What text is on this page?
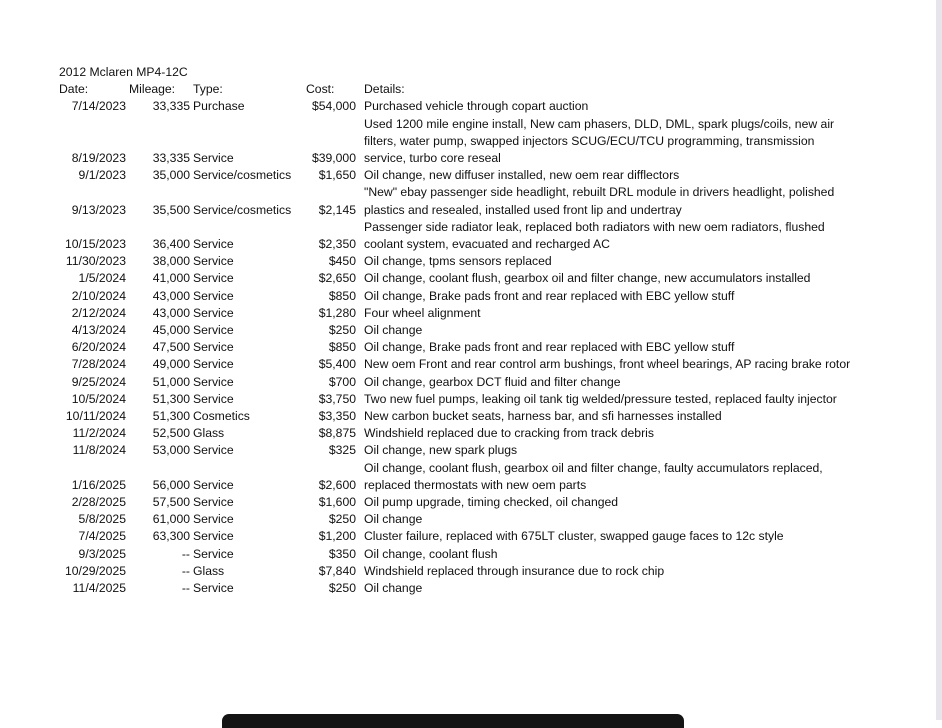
2012 Mclaren MP4-12C
Date:	Mileage: Type:	Cost: Details:
7/14/2023 33,335 Purchase	$54,000 Purchased vehicle through copart auction
8/19/2023 33,335 Service	$39,000
Used 1200 mile engine install, New cam phasers, DLD, DML, spark plugs/coils, new air
filters, water pump, swapped injectors SCUG/ECU/TCU programming, transmission
service, turbo core reseal
9/1/2023 35,000 Service/cosmetics $1,650 Oil change, new diffuser installed, new oem rear difflectors
9/13/2023 35,500 Service/cosmetics $2,145
"New" ebay passenger side headlight, rebuilt DRL module in drivers headlight, polished
plastics and resealed, installed used front lip and undertray
10/15/2023 36,400 Service	$2,350
Passenger side radiator leak, replaced both radiators with new oem radiators, flushed
coolant system, evacuated and recharged AC
11/30/2023 38,000 Service	$450 Oil change, tpms sensors replaced
1/5/2024 41,000 Service	$2,650 Oil change, coolant flush, gearbox oil and filter change, new accumulators installed
2/10/2024 43,000 Service	$850 Oil change, Brake pads front and rear replaced with EBC yellow stuff
2/12/2024 43,000 Service	$1,280 Four wheel alignment
4/13/2024 45,000 Service	$250 Oil change
6/20/2024 47,500 Service	$850 Oil change, Brake pads front and rear replaced with EBC yellow stuff
7/28/2024 49,000 Service	$5,400 New oem Front and rear control arm bushings, front wheel bearings, AP racing brake rotor
9/25/2024 51,000 Service	$700 Oil change, gearbox DCT fluid and filter change
10/5/2024 51,300 Service	$3,750 Two new fuel pumps, leaking oil tank tig welded/pressure tested, replaced faulty injector
10/11/2024 51,300 Cosmetics	$3,350 New carbon bucket seats, harness bar, and sfi harnesses installed
11/2/2024 52,500 Glass	$8,875 Windshield replaced due to cracking from track debris
11/8/2024 53,000 Service	$325 Oil change, new spark plugs
1/16/2025 56,000 Service	$2,600
Oil change, coolant flush, gearbox oil and filter change, faulty accumulators replaced,
replaced thermostats with new oem parts
2/28/2025 57,500 Service	$1,600 Oil pump upgrade, timing checked, oil changed
5/8/2025 61,000 Service	$250 Oil change
7/4/2025 63,300 Service	$1,200 Cluster failure, replaced with 675LT cluster, swapped gauge faces to 12c style
9/3/2025	-- Service	$350 Oil change, coolant flush
10/29/2025	-- Glass	$7,840 Windshield replaced through insurance due to rock chip
11/4/2025	-- Service	$250 Oil change
